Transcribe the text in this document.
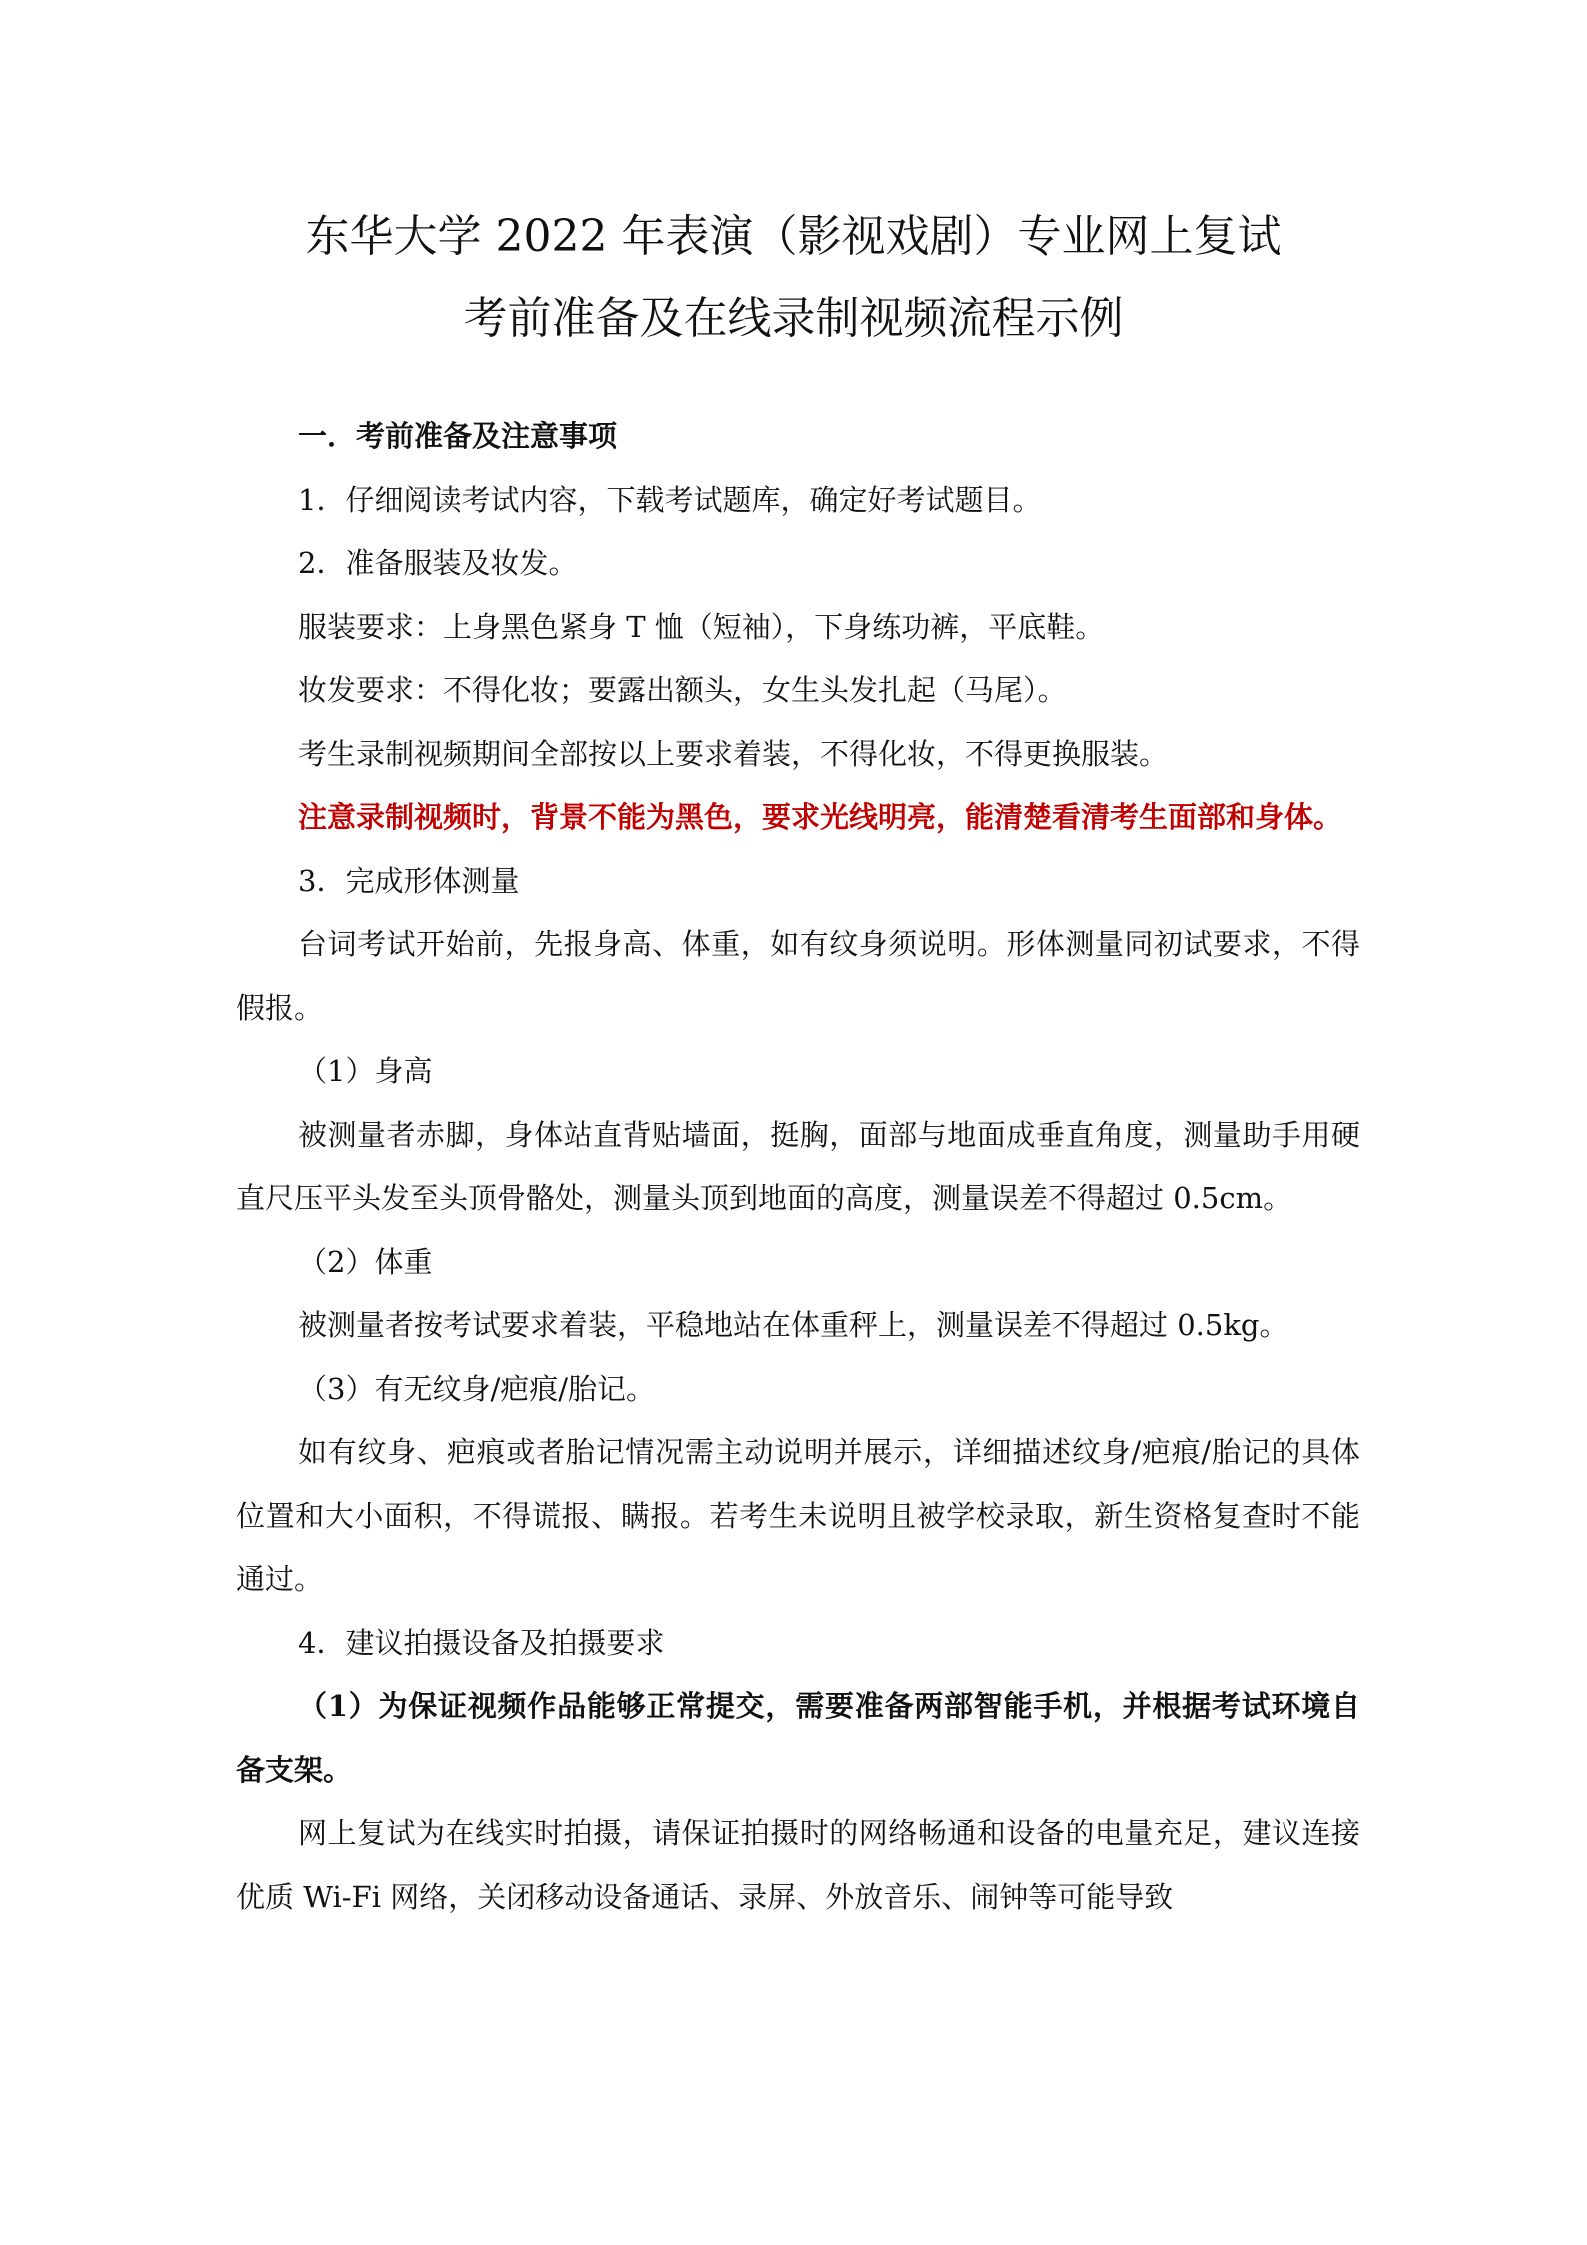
东华大学 2022 年表演（影视戏剧）专业网上复试
考前准备及在线录制视频流程示例

一．考前准备及注意事项

1．仔细阅读考试内容，下载考试题库，确定好考试题目。

2．准备服装及妆发。

服装要求：上身黑色紧身 T 恤（短袖），下身练功裤，平底鞋。

妆发要求：不得化妆；要露出额头，女生头发扎起（马尾）。

考生录制视频期间全部按以上要求着装，不得化妆，不得更换服装。

注意录制视频时，背景不能为黑色，要求光线明亮，能清楚看清考生面部和身体。

3．完成形体测量

台词考试开始前，先报身高、体重，如有纹身须说明。形体测量同初试要求，不得假报。

（1）身高

被测量者赤脚，身体站直背贴墙面，挺胸，面部与地面成垂直角度，测量助手用硬直尺压平头发至头顶骨骼处，测量头顶到地面的高度，测量误差不得超过 0.5cm。

（2）体重

被测量者按考试要求着装，平稳地站在体重秤上，测量误差不得超过 0.5kg。

（3）有无纹身/疤痕/胎记。

如有纹身、疤痕或者胎记情况需主动说明并展示，详细描述纹身/疤痕/胎记的具体位置和大小面积，不得谎报、瞒报。若考生未说明且被学校录取，新生资格复查时不能通过。

4．建议拍摄设备及拍摄要求

（1）为保证视频作品能够正常提交，需要准备两部智能手机，并根据考试环境自备支架。

网上复试为在线实时拍摄，请保证拍摄时的网络畅通和设备的电量充足，建议连接优质 Wi-Fi 网络，关闭移动设备通话、录屏、外放音乐、闹钟等可能导致
